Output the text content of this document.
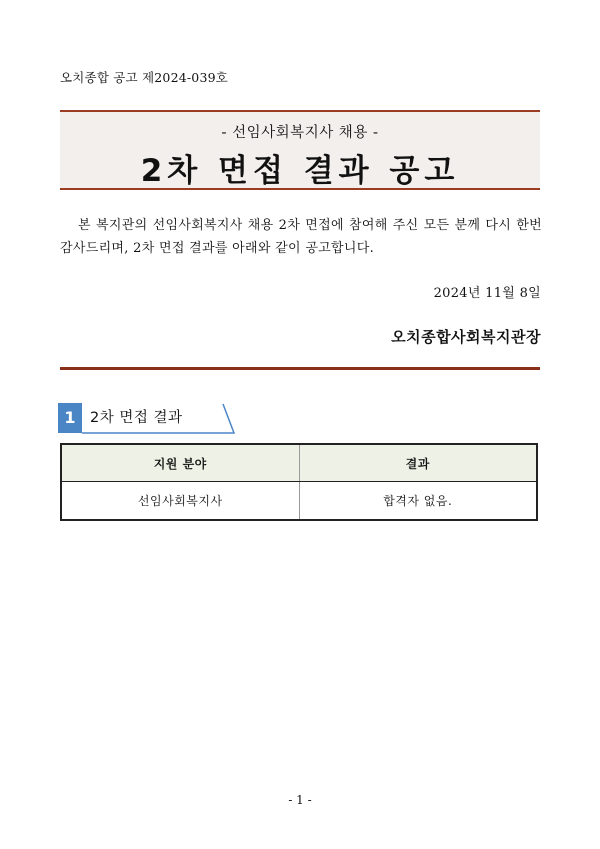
오치종합 공고 제2024-039호
- 선임사회복지사 채용 -
2차 면접 결과 공고
본 복지관의 선임사회복지사 채용 2차 면접에 참여해 주신 모든 분께 다시 한번 감사드리며, 2차 면접 결과를 아래와 같이 공고합니다.
2024년 11월 8일
오치종합사회복지관장
1 2차 면접 결과
지원 분야	결과
선임사회복지사	합격자 없음.
- 1 -
